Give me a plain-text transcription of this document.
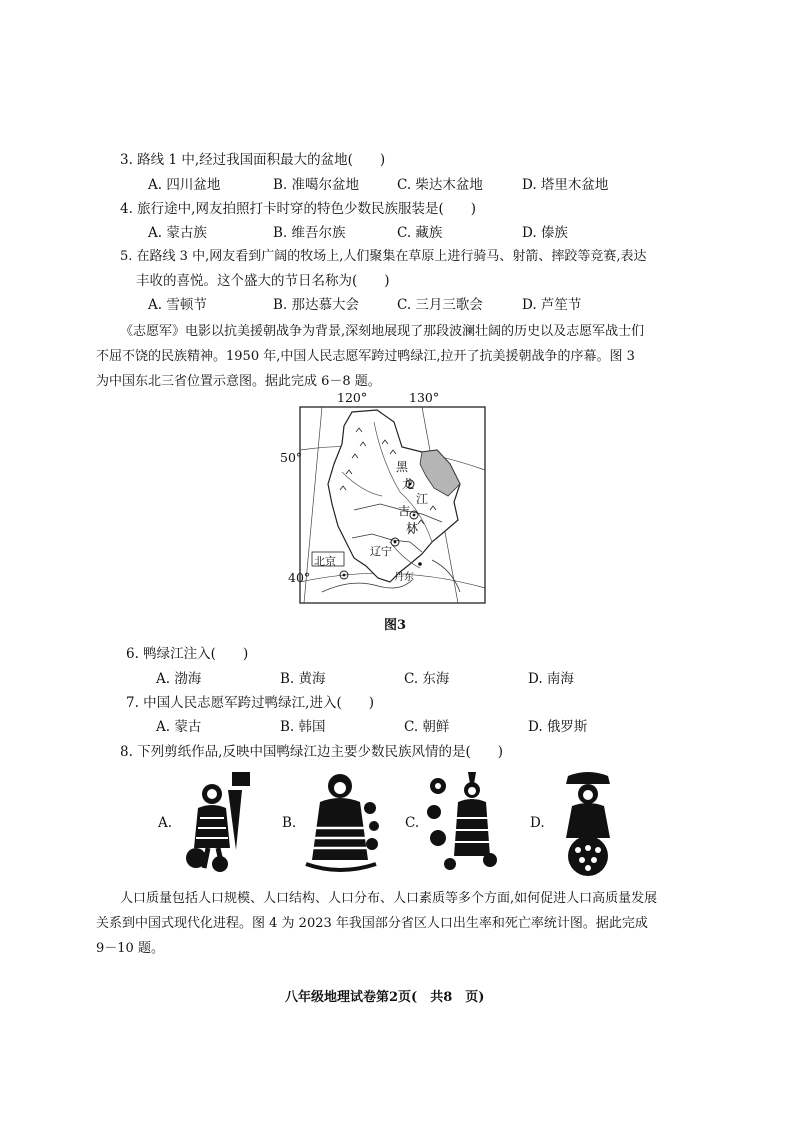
3. 路线 1 中,经过我国面积最大的盆地(　　)
A. 四川盆地	B. 准噶尔盆地	C. 柴达木盆地	D. 塔里木盆地
4. 旅行途中,网友拍照打卡时穿的特色少数民族服装是(　　)
A. 蒙古族	B. 维吾尔族	C. 藏族	D. 傣族
5. 在路线 3 中,网友看到广阔的牧场上,人们聚集在草原上进行骑马、射箭、摔跤等竞赛,表达
丰收的喜悦。这个盛大的节日名称为(　　)
A. 雪顿节	B. 那达慕大会	C. 三月三歌会	D. 芦笙节
《志愿军》电影以抗美援朝战争为背景,深刻地展现了那段波澜壮阔的历史以及志愿军战士们
不屈不饶的民族精神。1950 年,中国人民志愿军跨过鸭绿江,拉开了抗美援朝战争的序幕。图 3
为中国东北三省位置示意图。据此完成 6－8 题。
120°	130°
50°
40°
黑
龙
江
吉
林
辽宁
北京
丹东
图3
6. 鸭绿江注入(　　)
A. 渤海	B. 黄海	C. 东海	D. 南海
7. 中国人民志愿军跨过鸭绿江,进入(　　)
A. 蒙古	B. 韩国	C. 朝鲜	D. 俄罗斯
8. 下列剪纸作品,反映中国鸭绿江边主要少数民族风情的是(　　)
A.	B.	C.	D.
人口质量包括人口规模、人口结构、人口分布、人口素质等多个方面,如何促进人口高质量发展
关系到中国式现代化进程。图 4 为 2023 年我国部分省区人口出生率和死亡率统计图。据此完成
9－10 题。
八年级地理试卷第2页(　共8　页)
